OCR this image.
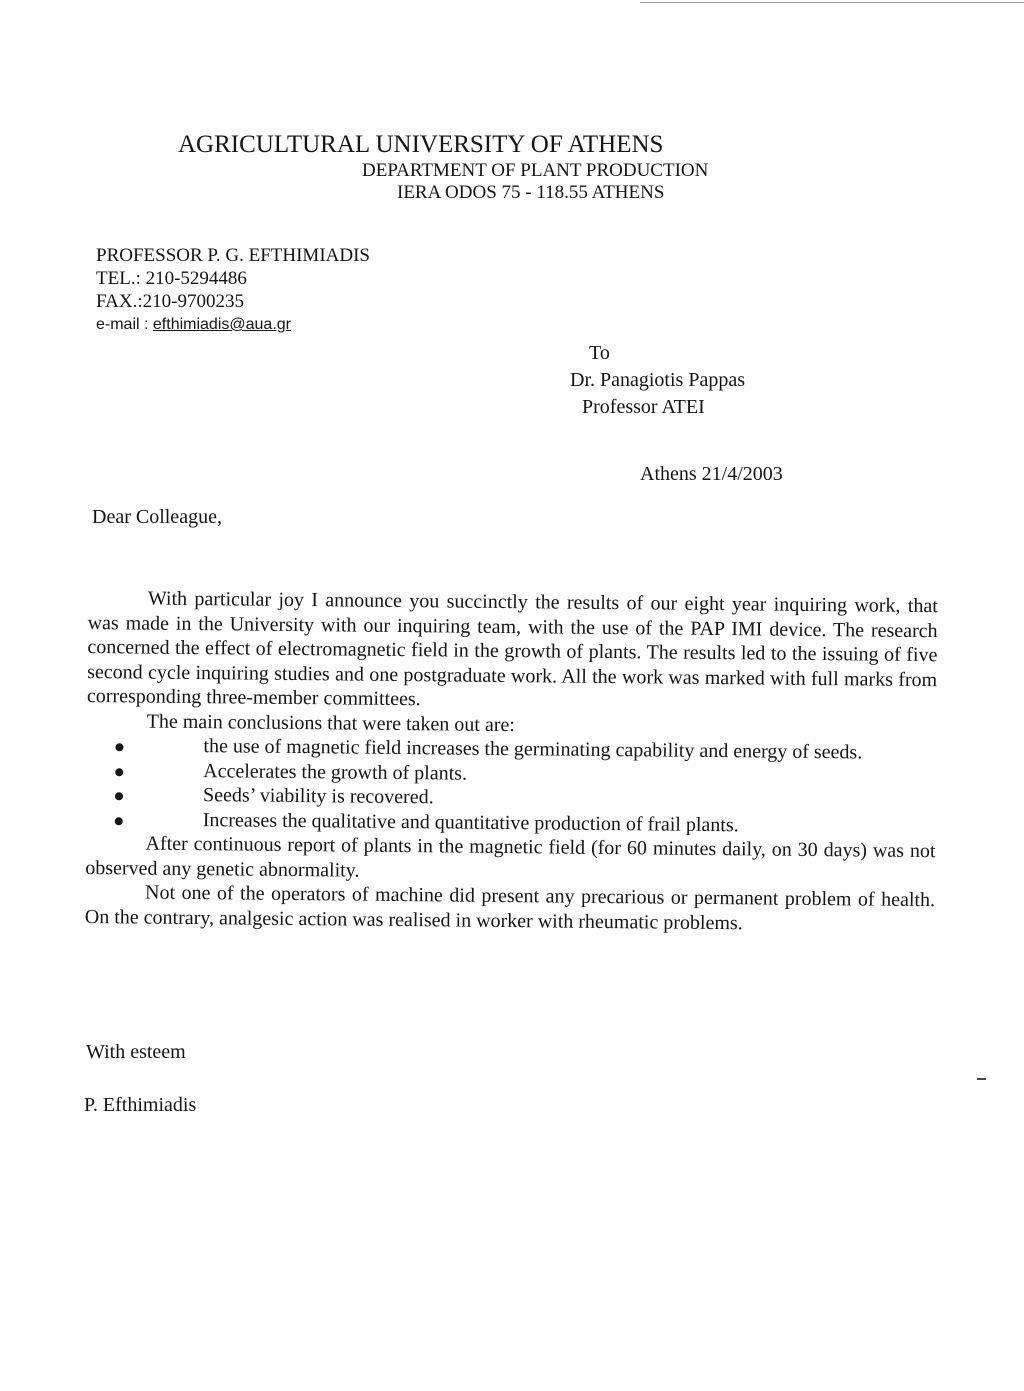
AGRICULTURAL UNIVERSITY OF ATHENS
DEPARTMENT OF PLANT PRODUCTION
IERA ODOS 75 - 118.55 ATHENS
PROFESSOR P. G. EFTHIMIADIS
TEL.: 210-5294486
FAX.:210-9700235
e-mail : efthimiadis@aua.gr
To
Dr. Panagiotis Pappas
Professor ATEI
Athens 21/4/2003
Dear Colleague,

With particular joy I announce you succinctly the results of our eight year inquiring work, that was made in the University with our inquiring team, with the use of the PAP IMI device. The research concerned the effect of electromagnetic field in the growth of plants. The results led to the issuing of five second cycle inquiring studies and one postgraduate work. All the work was marked with full marks from corresponding three-member committees.

The main conclusions that were taken out are:

the use of magnetic field increases the germinating capability and energy of seeds.
Accelerates the growth of plants.
Seeds’ viability is recovered.
Increases the qualitative and quantitative production of frail plants.

After continuous report of plants in the magnetic field (for 60 minutes daily, on 30 days) was not observed any genetic abnormality.

Not one of the operators of machine did present any precarious or permanent problem of health. On the contrary, analgesic action was realised in worker with rheumatic problems.

With esteem
P. Efthimiadis
